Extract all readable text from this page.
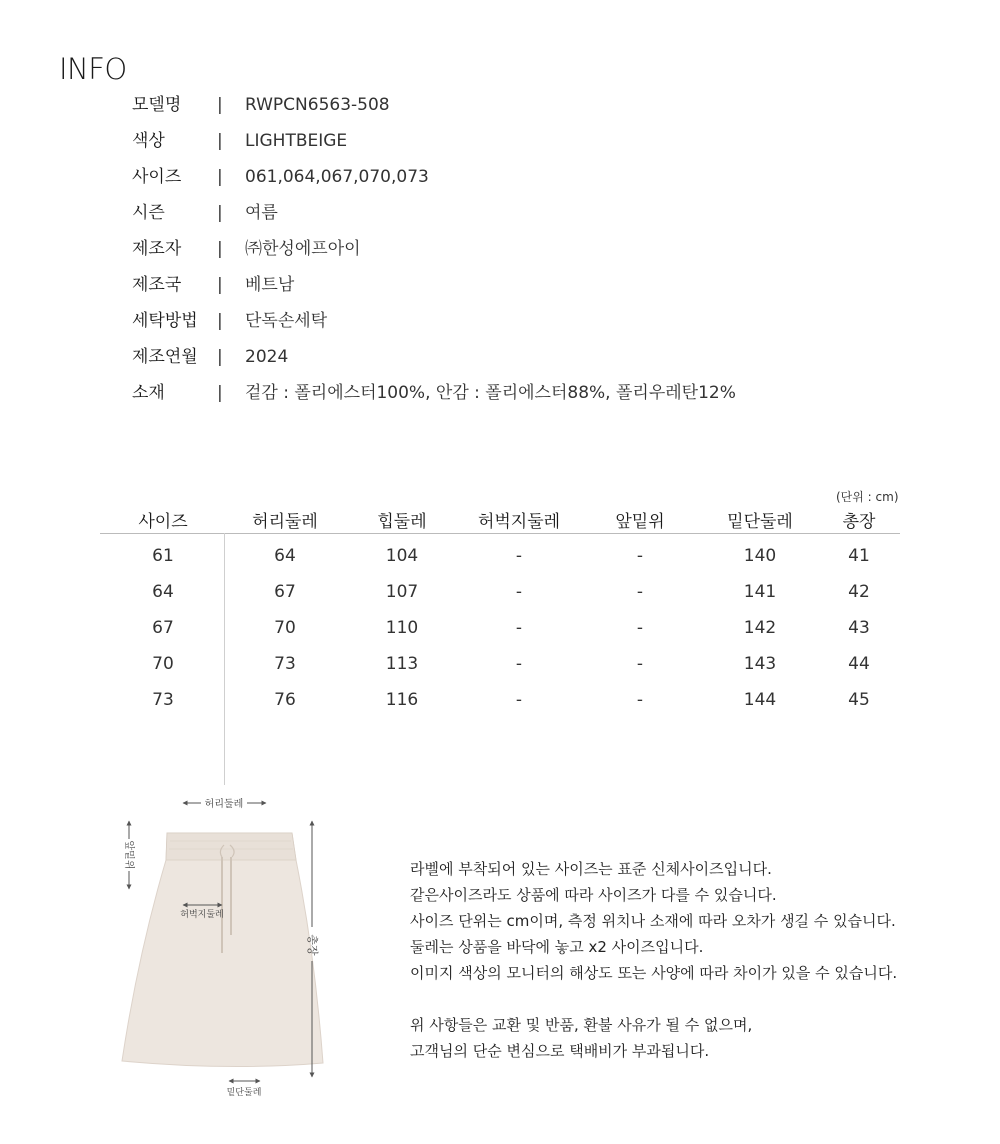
INFO
모델명 | RWPCN6563-508
색상	| LIGHTBEIGE
사이즈 | 061,064,067,070,073
시즌	| 여름
제조자 | ㈜한성에프아이
제조국 | 베트남
세탁방법 | 단독손세탁
제조연월 | 2024
소재	| 겉감 : 폴리에스터100%, 안감 : 폴리에스터88%, 폴리우레탄12%
(단위 : cm)
사이즈	허리둘레	힙둘레	허벅지둘레	앞밑위	밑단둘레	총장
61	64	104	-	-	140	41
64	67	107	-	-	141	42
67	70	110	-	-	142	43
70	73	113	-	-	143	44
73	76	116	-	-	144	45
허리둘레
앞밑위
허벅지둘레
총장
밑단둘레
라벨에 부착되어 있는 사이즈는 표준 신체사이즈입니다.
같은사이즈라도 상품에 따라 사이즈가 다를 수 있습니다.
사이즈 단위는 cm이며, 측정 위치나 소재에 따라 오차가 생길 수 있습니다.
둘레는 상품을 바닥에 놓고 x2 사이즈입니다.
이미지 색상의 모니터의 해상도 또는 사양에 따라 차이가 있을 수 있습니다.
위 사항들은 교환 및 반품, 환불 사유가 될 수 없으며,
고객님의 단순 변심으로 택배비가 부과됩니다.
